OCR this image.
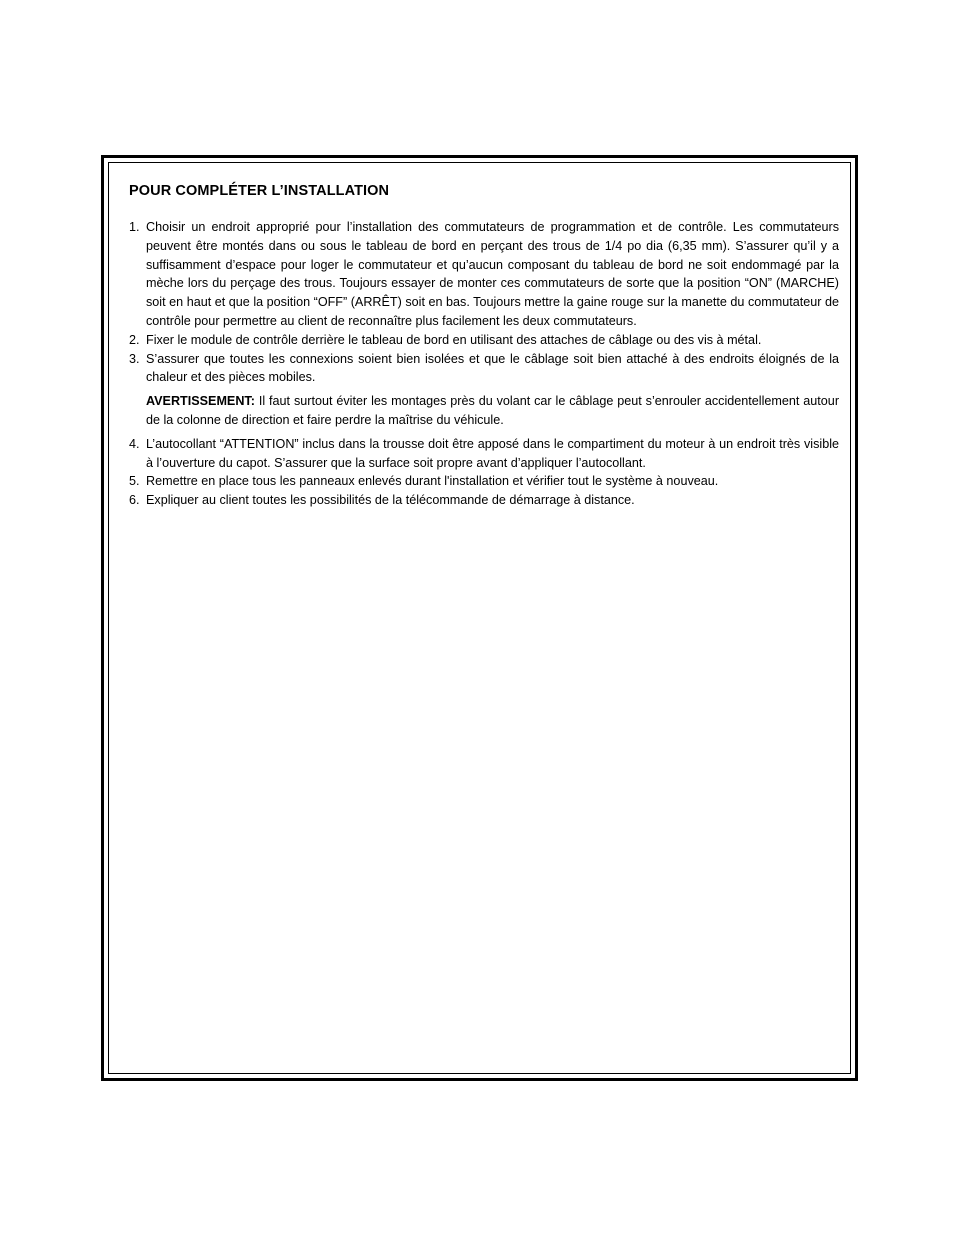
POUR COMPLÉTER L’INSTALLATION
1. Choisir un endroit approprié pour l’installation des commutateurs de programmation et de contrôle. Les commutateurs peuvent être montés dans ou sous le tableau de bord en perçant des trous de 1/4 po dia (6,35 mm). S’assurer qu’il y a suffisamment d’espace pour loger le commutateur et qu’aucun composant du tableau de bord ne soit endommagé par la mèche lors du perçage des trous. Toujours essayer de monter ces commutateurs de sorte que la position “ON” (MARCHE) soit en haut et que la position “OFF” (ARRÊT) soit en bas. Toujours mettre la gaine rouge sur la manette du commutateur de contrôle pour permettre au client de reconnaître plus facilement les deux commutateurs.
2. Fixer le module de contrôle derrière le tableau de bord en utilisant des attaches de câblage ou des vis à métal.
3. S’assurer que toutes les connexions soient bien isolées et que le câblage soit bien attaché à des endroits éloignés de la chaleur et des pièces mobiles.
AVERTISSEMENT: Il faut surtout éviter les montages près du volant car le câblage peut s’enrouler accidentellement autour de la colonne de direction et faire perdre la maîtrise du véhicule.
4. L’autocollant “ATTENTION” inclus dans la trousse doit être apposé dans le compartiment du moteur à un endroit très visible à l’ouverture du capot. S’assurer que la surface soit propre avant d’appliquer l’autocollant.
5. Remettre en place tous les panneaux enlevés durant l'installation et vérifier tout le système à nouveau.
6. Expliquer au client toutes les possibilités de la télécommande de démarrage à distance.
